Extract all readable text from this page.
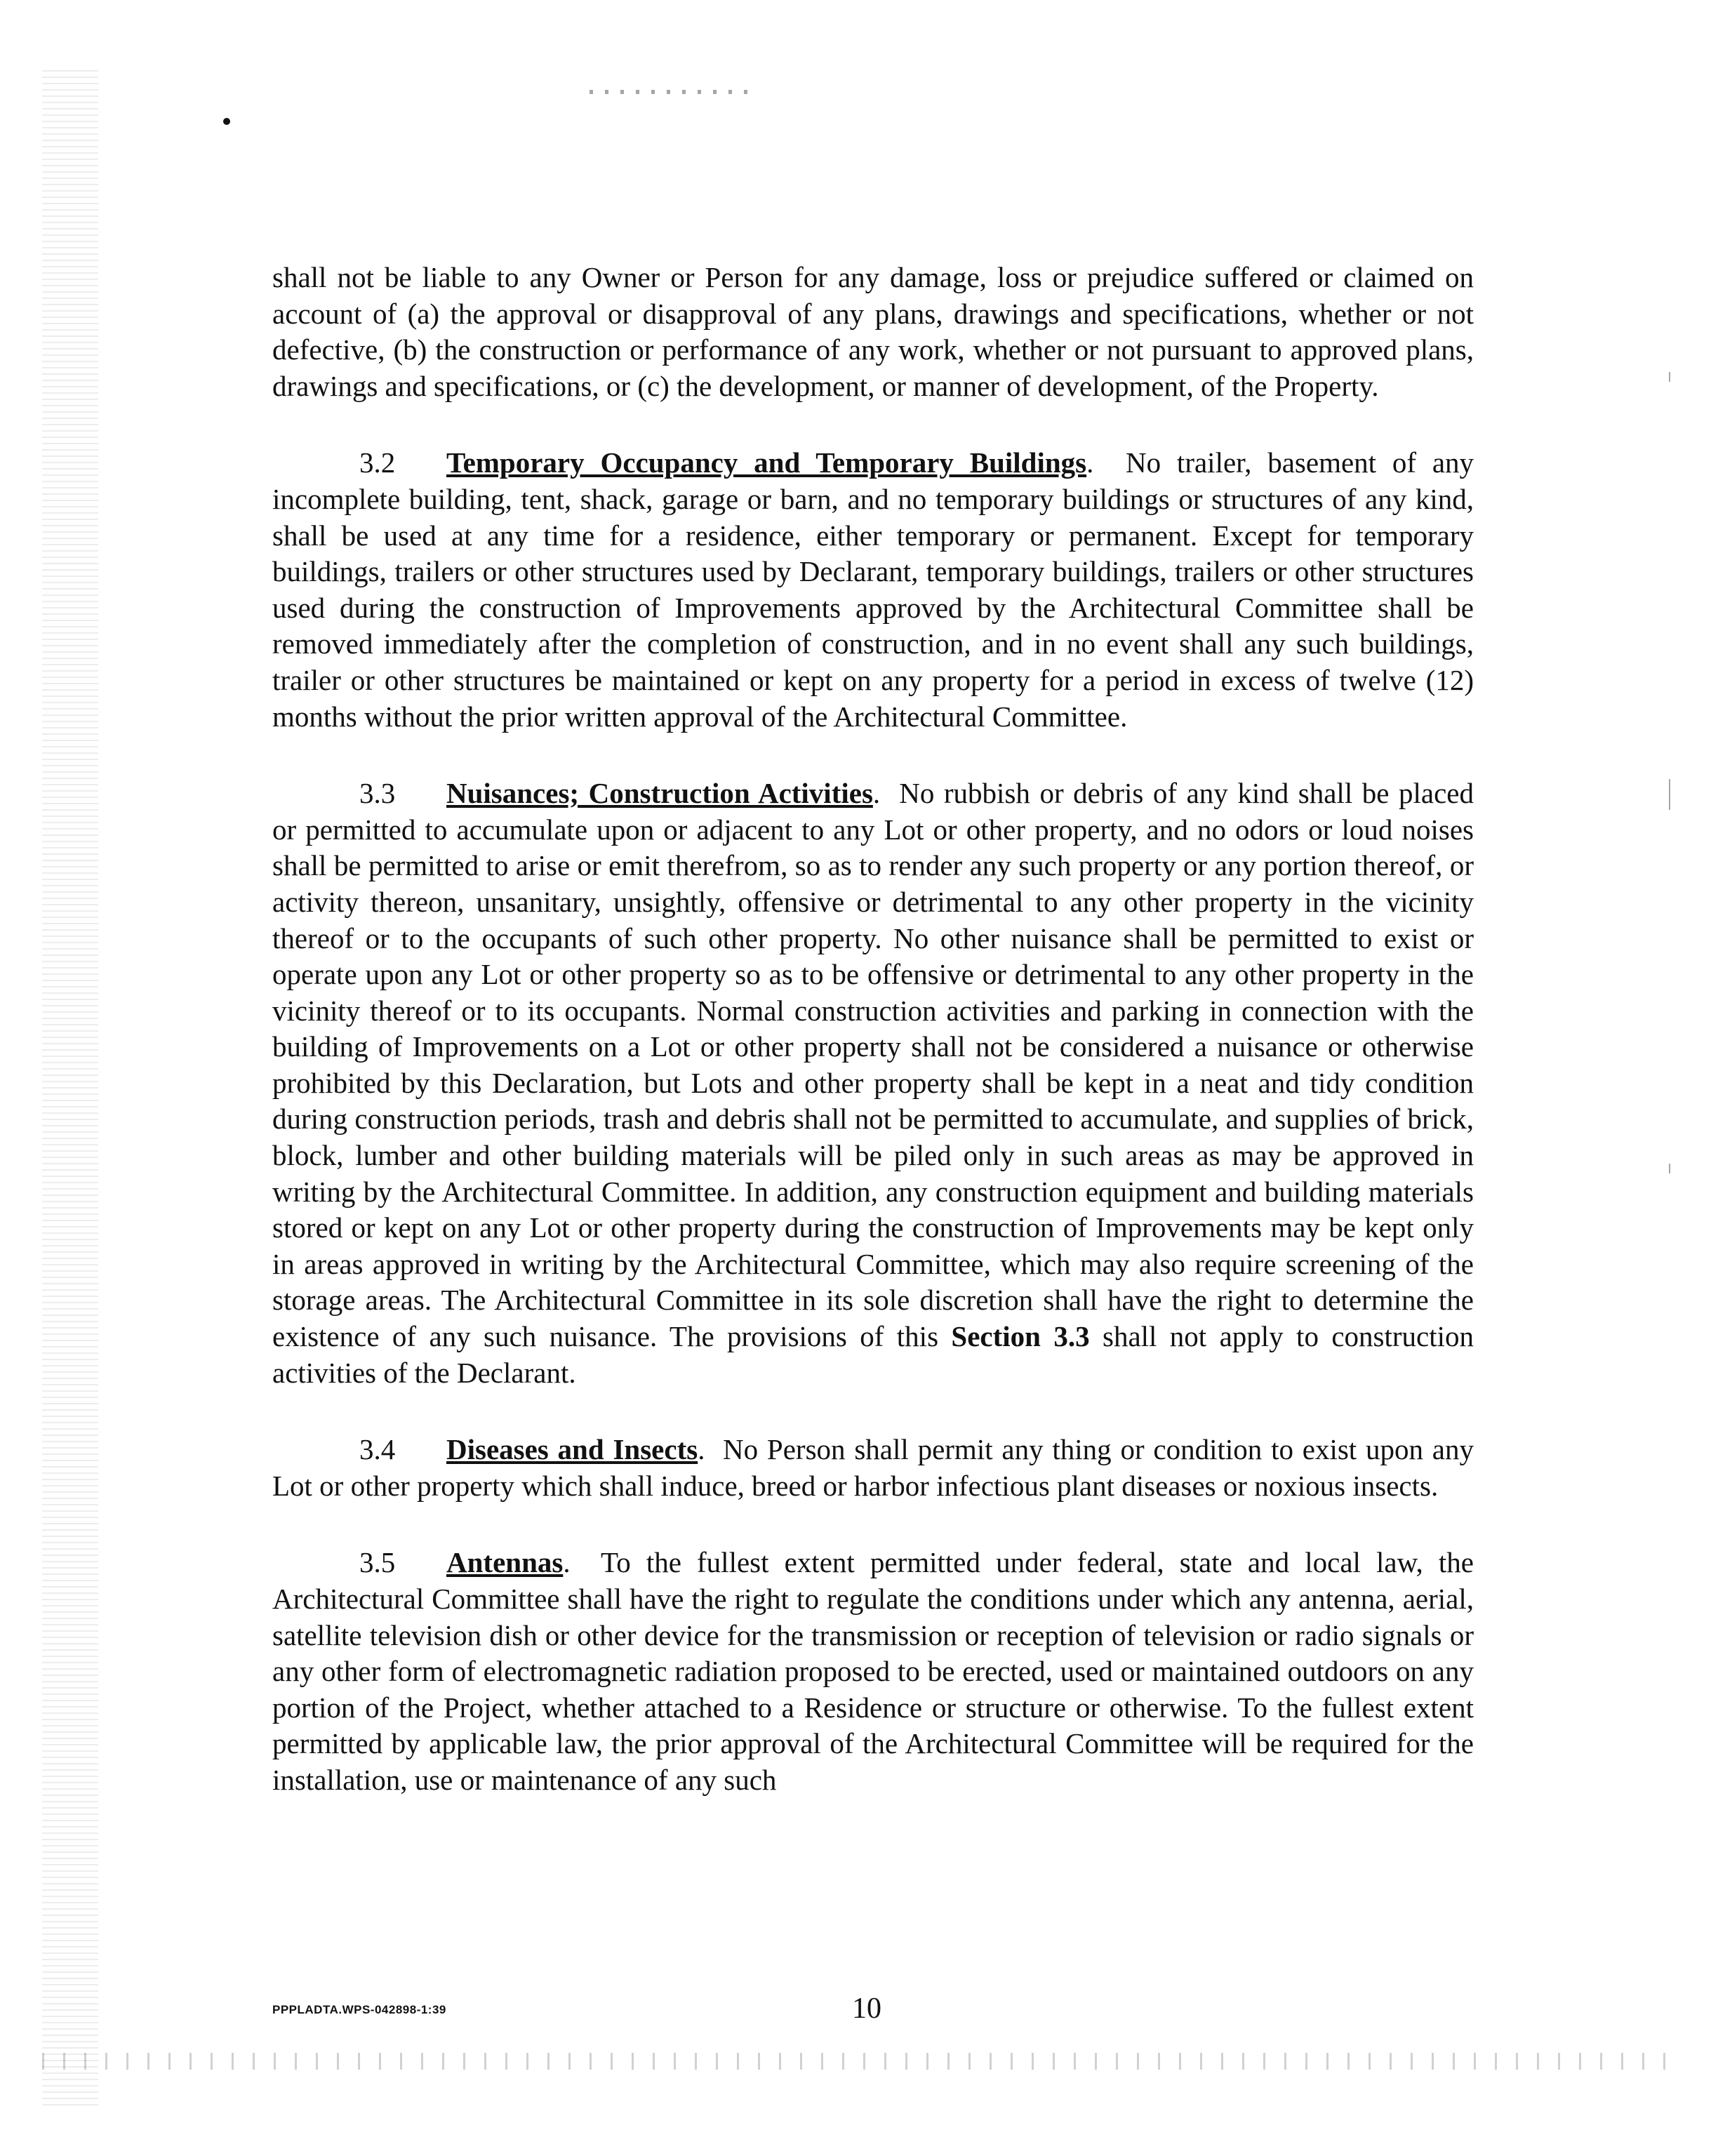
shall not be liable to any Owner or Person for any damage, loss or prejudice suffered or claimed on account of (a) the approval or disapproval of any plans, drawings and specifications, whether or not defective, (b) the construction or performance of any work, whether or not pursuant to approved plans, drawings and specifications, or (c) the development, or manner of development, of the Property.

3.2 Temporary Occupancy and Temporary Buildings.  No trailer, basement of any incomplete building, tent, shack, garage or barn, and no temporary buildings or structures of any kind, shall be used at any time for a residence, either temporary or permanent. Except for temporary buildings, trailers or other structures used by Declarant, temporary buildings, trailers or other structures used during the construction of Improvements approved by the Architectural Committee shall be removed immediately after the completion of construction, and in no event shall any such buildings, trailer or other structures be maintained or kept on any property for a period in excess of twelve (12) months without the prior written approval of the Architectural Committee.

3.3 Nuisances; Construction Activities.  No rubbish or debris of any kind shall be placed or permitted to accumulate upon or adjacent to any Lot or other property, and no odors or loud noises shall be permitted to arise or emit therefrom, so as to render any such property or any portion thereof, or activity thereon, unsanitary, unsightly, offensive or detrimental to any other property in the vicinity thereof or to the occupants of such other property. No other nuisance shall be permitted to exist or operate upon any Lot or other property so as to be offensive or detrimental to any other property in the vicinity thereof or to its occupants. Normal construction activities and parking in connection with the building of Improvements on a Lot or other property shall not be considered a nuisance or otherwise prohibited by this Declaration, but Lots and other property shall be kept in a neat and tidy condition during construction periods, trash and debris shall not be permitted to accumulate, and supplies of brick, block, lumber and other building materials will be piled only in such areas as may be approved in writing by the Architectural Committee. In addition, any construction equipment and building materials stored or kept on any Lot or other property during the construction of Improvements may be kept only in areas approved in writing by the Architectural Committee, which may also require screening of the storage areas. The Architectural Committee in its sole discretion shall have the right to determine the existence of any such nuisance. The provisions of this Section 3.3 shall not apply to construction activities of the Declarant.

3.4 Diseases and Insects.  No Person shall permit any thing or condition to exist upon any Lot or other property which shall induce, breed or harbor infectious plant diseases or noxious insects.

3.5 Antennas.  To the fullest extent permitted under federal, state and local law, the Architectural Committee shall have the right to regulate the conditions under which any antenna, aerial, satellite television dish or other device for the transmission or reception of television or radio signals or any other form of electromagnetic radiation proposed to be erected, used or maintained outdoors on any portion of the Project, whether attached to a Residence or structure or otherwise. To the fullest extent permitted by applicable law, the prior approval of the Architectural Committee will be required for the installation, use or maintenance of any such

PPPLADTA.WPS-042898-1:39	10
